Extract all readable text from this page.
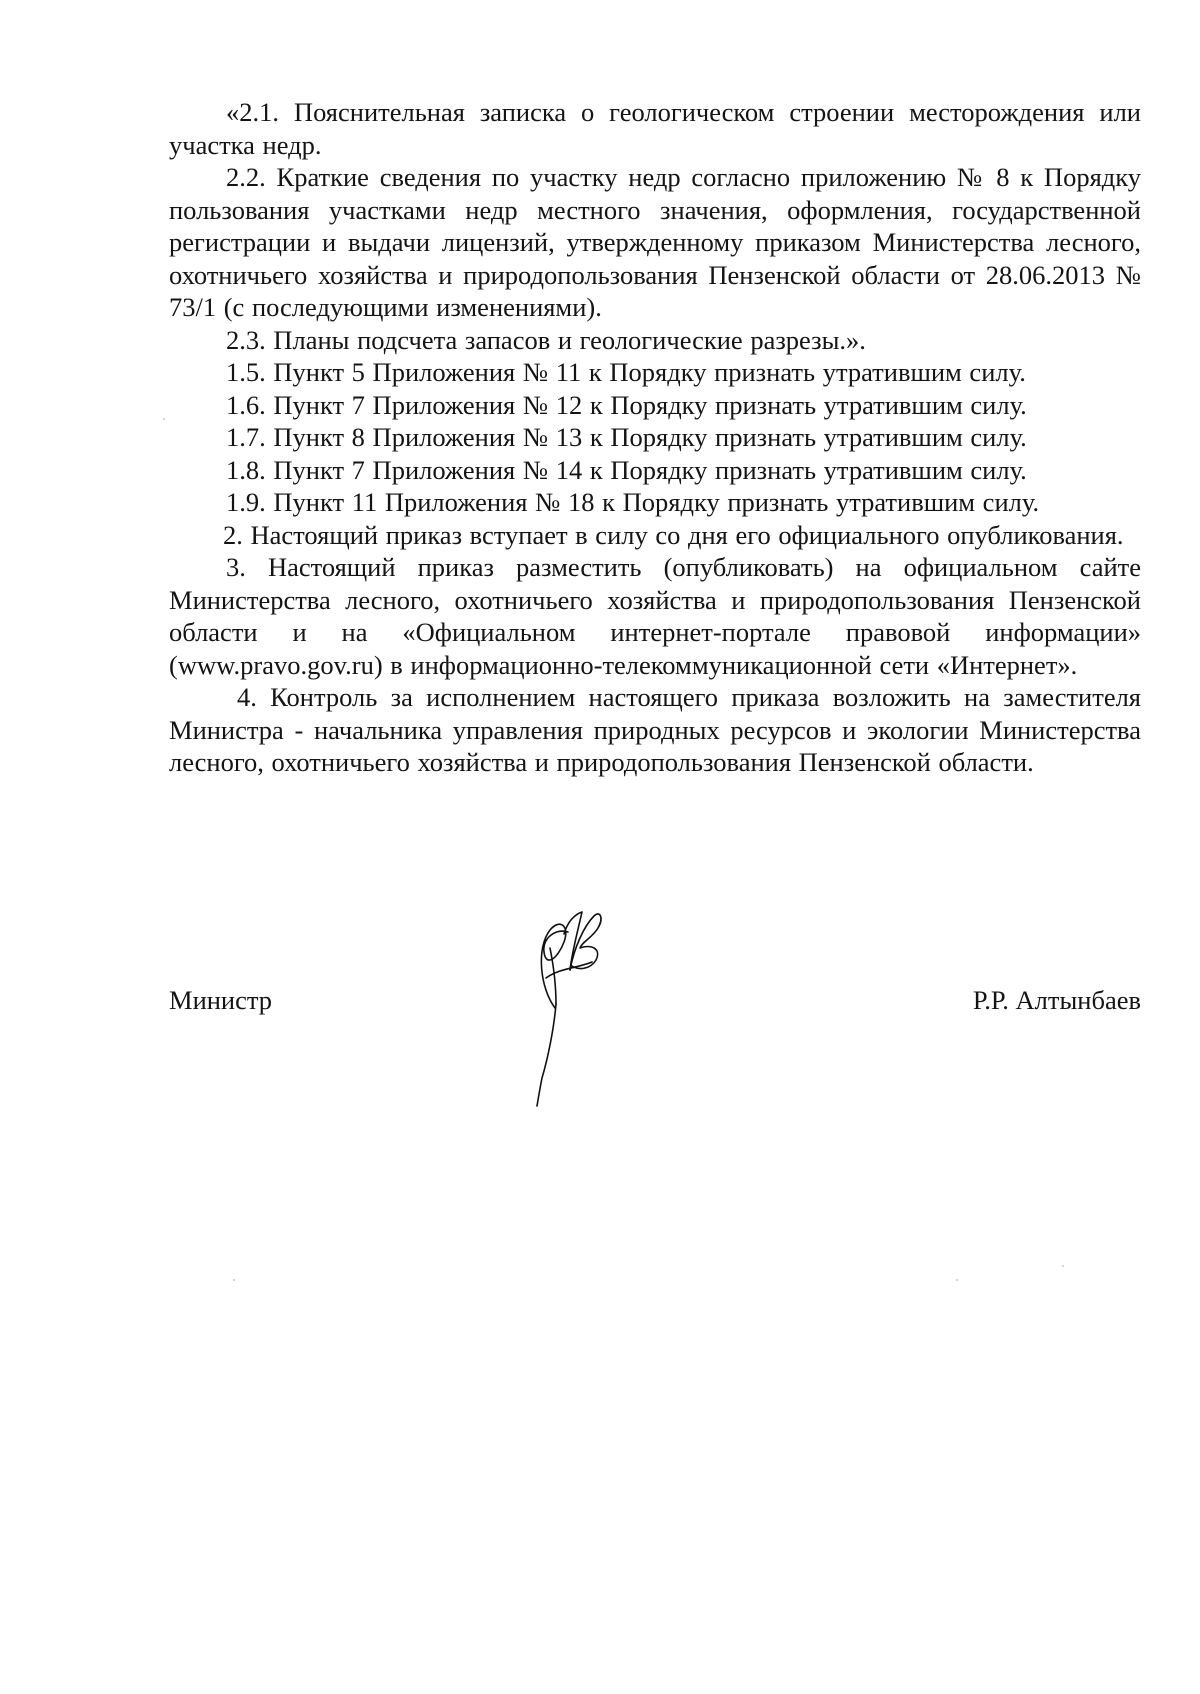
«2.1. Пояснительная записка о геологическом строении месторождения или участка недр.

2.2. Краткие сведения по участку недр согласно приложению № 8 к Порядку пользования участками недр местного значения, оформления, государственной регистрации и выдачи лицензий, утвержденному приказом Министерства лесного, охотничьего хозяйства и природопользования Пензенской области от 28.06.2013 № 73/1 (с последующими изменениями).

2.3. Планы подсчета запасов и геологические разрезы.».

1.5. Пункт 5 Приложения № 11 к Порядку признать утратившим силу.

1.6. Пункт 7 Приложения № 12 к Порядку признать утратившим силу.

1.7. Пункт 8 Приложения № 13 к Порядку признать утратившим силу.

1.8. Пункт 7 Приложения № 14 к Порядку признать утратившим силу.

1.9. Пункт 11 Приложения № 18 к Порядку признать утратившим силу.

2. Настоящий приказ вступает в силу со дня его официального опубликования.

3. Настоящий приказ разместить (опубликовать) на официальном сайте Министерства лесного, охотничьего хозяйства и природопользования Пензенской области и на «Официальном интернет-портале правовой информации» (www.pravo.gov.ru) в информационно-телекоммуникационной сети «Интернет».

4. Контроль за исполнением настоящего приказа возложить на заместителя Министра - начальника управления природных ресурсов и экологии Министерства лесного, охотничьего хозяйства и природопользования Пензенской области.

Министр	Р.Р. Алтынбаев
